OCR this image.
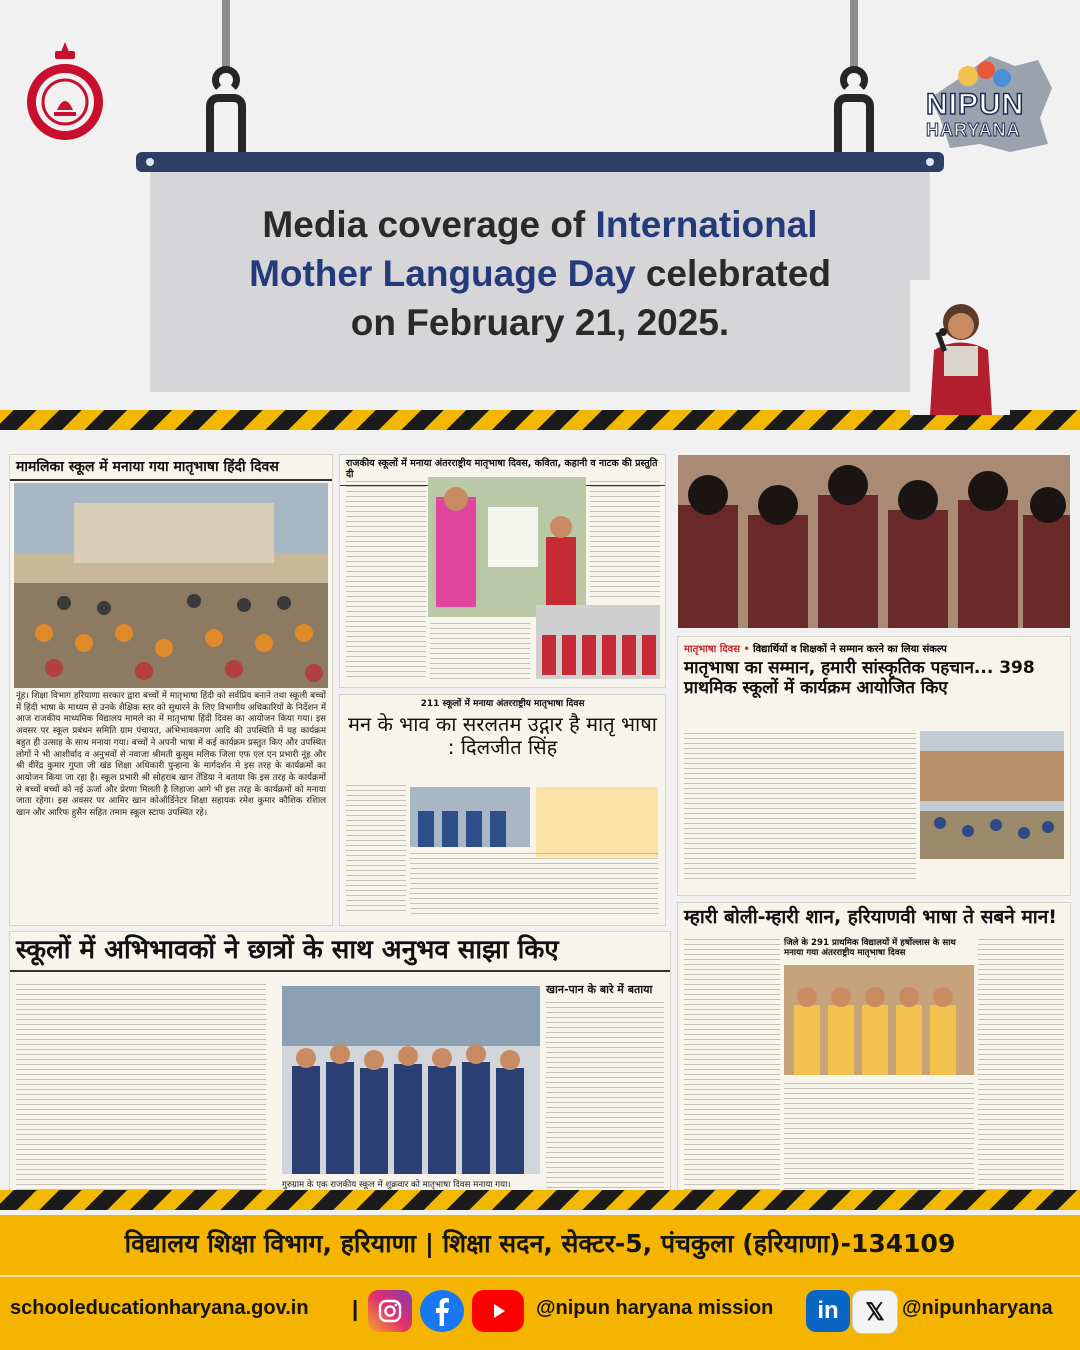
Media coverage of International
Mother Language Day celebrated
on February 21, 2025.
NIPUN
HARYANA

मामलिका स्कूल में मनाया गया मातृभाषा हिंदी दिवस

नूंह। शिक्षा विभाग हरियाणा सरकार द्वारा बच्चों में मातृभाषा हिंदी को सर्वप्रिय बनाने तथा स्कूली बच्चों में हिंदी भाषा के माध्यम से उनके शैक्षिक स्तर को सुधारने के लिए विभागीय अधिकारियों के निर्देशन में आज राजकीय माध्यमिक विद्यालय मामले का में मातृभाषा हिंदी दिवस का आयोजन किया गया। इस अवसर पर स्कूल प्रबंधन समिति ग्राम पंचायत, अभिभावकगण आदि की उपस्थिति में यह कार्यक्रम बहुत ही उत्साह के साथ मनाया गया। बच्चों ने अपनी भाषा में कई कार्यक्रम प्रस्तुत किए और उपस्थित लोगों ने भी आशीर्वाद व अनुभवों से नवाजा श्रीमती कुसुम मलिक जिला एफ एल एन प्रभारी नूंह और श्री वीरेंद्र कुमार गुप्ता जी खंड शिक्षा अधिकारी पुन्हाना के मार्गदर्शन मे इस तरह के कार्यक्रमों का आयोजन किया जा रहा है। स्कूल प्रभारी श्री सोहराब खान तेंडिया ने बताया कि इस तरह के कार्यक्रमों से बच्चों बच्चों को नई ऊर्जा और प्रेरणा मिलती है लिहाजा आगे भी इस तरह के कार्यक्रमों को मनाया जाता रहेगा। इस अवसर पर आमिर खान कोऑर्डिनेटर शिक्षा सहायक रमेश कुमार कौशिक रशिाल खान और आरिफ हुसैन सहित तमाम स्कूल स्टाफ उपस्थित रहे।

राजकीय स्कूलों में मनाया अंतरराष्ट्रीय मातृभाषा दिवस, कविता, कहानी व नाटक की प्रस्तुति दी

211 स्कूलों में मनाया अंतरराष्ट्रीय मातृभाषा दिवस

मन के भाव का सरलतम उद्गार है मातृ भाषा : दिलजीत सिंह

मातृभाषा दिवस • विद्यार्थियों व शिक्षकों ने सम्मान करने का लिया संकल्प

मातृभाषा का सम्मान, हमारी सांस्कृतिक पहचान... 398 प्राथमिक स्कूलों में कार्यक्रम आयोजित किए

स्कूलों में अभिभावकों ने छात्रों के साथ अनुभव साझा किए

गुरुग्राम के एक राजकीय स्कूल में शुक्रवार को मातृभाषा दिवस मनाया गया।

खान-पान के बारे में बताया

म्हारी बोली-म्हारी शान, हरियाणवी भाषा ते सबने मान!

जिले के 291 प्राथमिक विद्यालयों में हर्षोल्लास के साथ मनाया गया अंतरराष्ट्रीय मातृभाषा दिवस

विद्यालय शिक्षा विभाग, हरियाणा | शिक्षा सदन, सेक्टर-5, पंचकुला (हरियाणा)-134109

schooleducationharyana.gov.in |	@nipun haryana mission	in	𝕏 @nipunharyana
